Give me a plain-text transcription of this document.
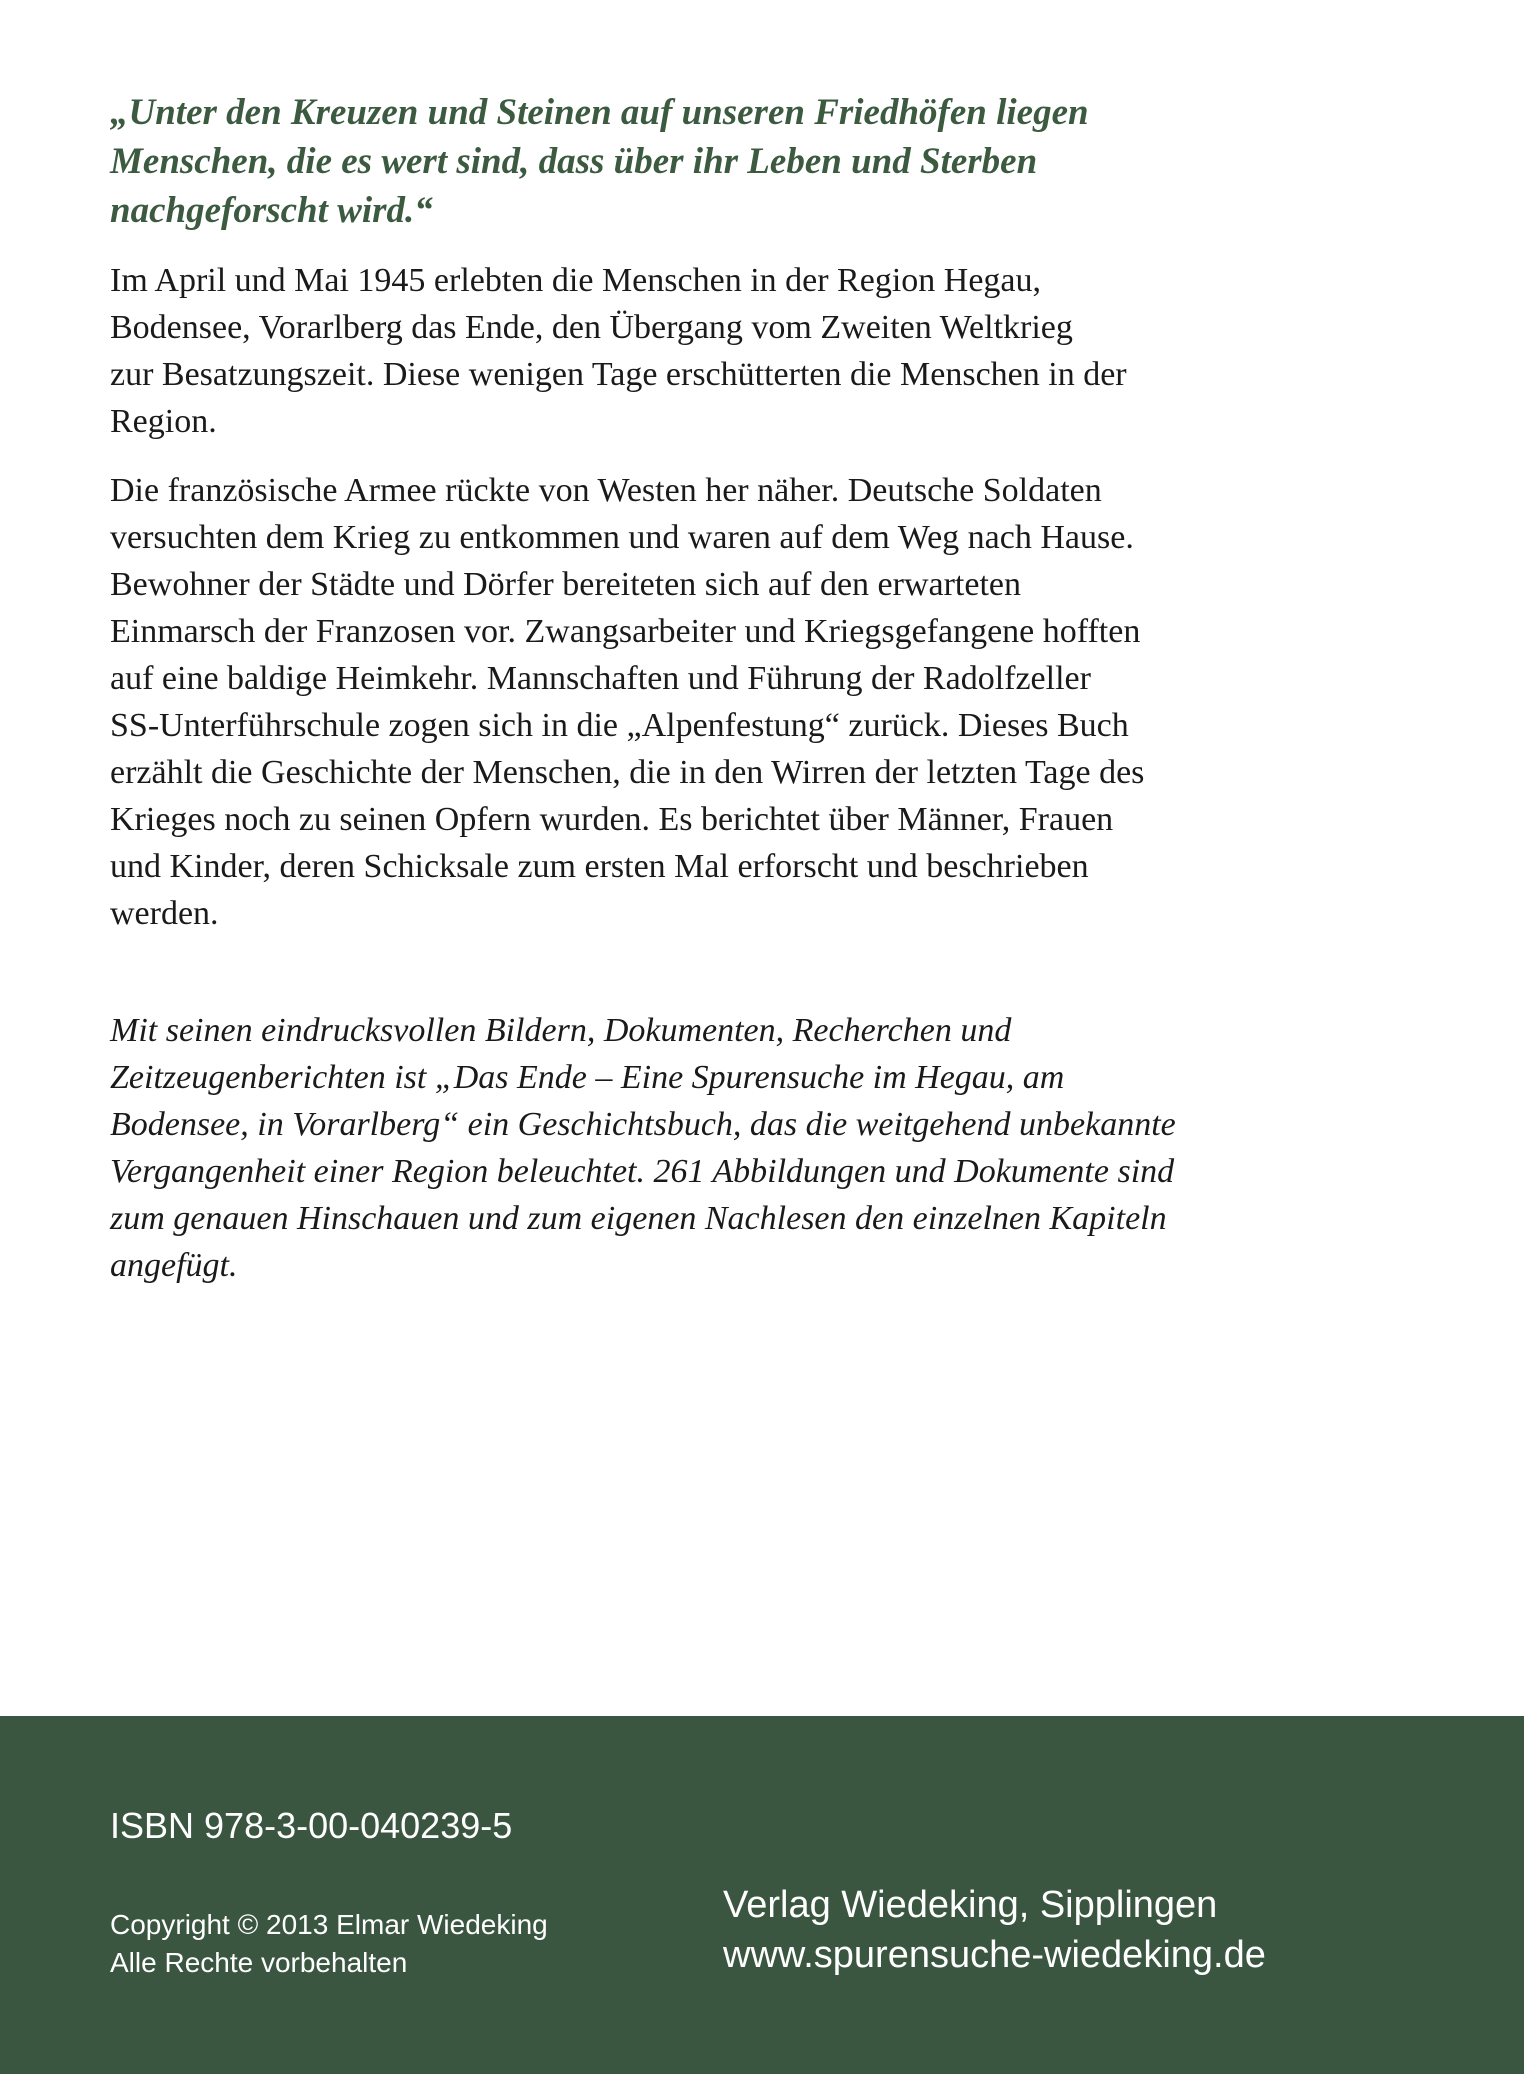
„Unter den Kreuzen und Steinen auf unseren Friedhöfen liegen
Menschen, die es wert sind, dass über ihr Leben und Sterben
nachgeforscht wird.“

Im April und Mai 1945 erlebten die Menschen in der Region Hegau,
Bodensee, Vorarlberg das Ende, den Übergang vom Zweiten Weltkrieg
zur Besatzungszeit. Diese wenigen Tage erschütterten die Menschen in der
Region.

Die französische Armee rückte von Westen her näher. Deutsche Soldaten
versuchten dem Krieg zu entkommen und waren auf dem Weg nach Hause.
Bewohner der Städte und Dörfer bereiteten sich auf den erwarteten
Einmarsch der Franzosen vor. Zwangsarbeiter und Kriegsgefangene hofften
auf eine baldige Heimkehr. Mannschaften und Führung der Radolfzeller
SS-Unterführschule zogen sich in die „Alpenfestung“ zurück. Dieses Buch
erzählt die Geschichte der Menschen, die in den Wirren der letzten Tage des
Krieges noch zu seinen Opfern wurden. Es berichtet über Männer, Frauen
und Kinder, deren Schicksale zum ersten Mal erforscht und beschrieben
werden.

Mit seinen eindrucksvollen Bildern, Dokumenten, Recherchen und
Zeitzeugenberichten ist „Das Ende – Eine Spurensuche im Hegau, am
Bodensee, in Vorarlberg“ ein Geschichtsbuch, das die weitgehend unbekannte
Vergangenheit einer Region beleuchtet. 261 Abbildungen und Dokumente sind
zum genauen Hinschauen und zum eigenen Nachlesen den einzelnen Kapiteln
angefügt.

ISBN 978-3-00-040239-5
Copyright © 2013 Elmar Wiedeking
Alle Rechte vorbehalten
Verlag Wiedeking, Sipplingen
www.spurensuche-wiedeking.de
